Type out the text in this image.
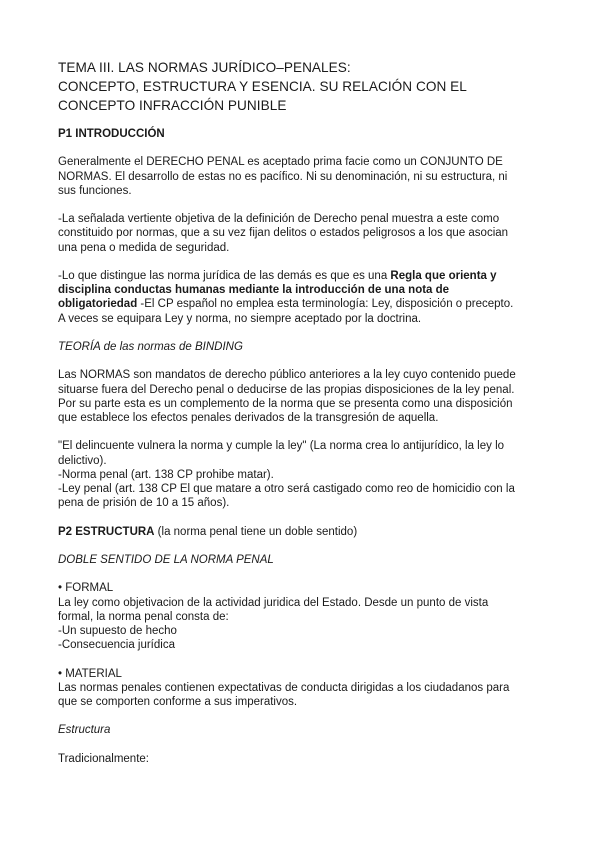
TEMA III. LAS NORMAS JURÍDICO–PENALES:
CONCEPTO, ESTRUCTURA Y ESENCIA. SU RELACIÓN CON EL
CONCEPTO INFRACCIÓN PUNIBLE
P1 INTRODUCCIÓN

Generalmente el DERECHO PENAL es aceptado prima facie como un CONJUNTO DE
NORMAS. El desarrollo de estas no es pacífico. Ni su denominación, ni su estructura, ni
sus funciones.

-La señalada vertiente objetiva de la definición de Derecho penal muestra a este como
constituido por normas, que a su vez fijan delitos o estados peligrosos a los que asocian
una pena o medida de seguridad.

-Lo que distingue las norma jurídica de las demás es que es una Regla que orienta y
disciplina conductas humanas mediante la introducción de una nota de
obligatoriedad -El CP español no emplea esta terminología: Ley, disposición o precepto.
A veces se equipara Ley y norma, no siempre aceptado por la doctrina.

TEORÍA de las normas de BINDING

Las NORMAS son mandatos de derecho público anteriores a la ley cuyo contenido puede
situarse fuera del Derecho penal o deducirse de las propias disposiciones de la ley penal.
Por su parte esta es un complemento de la norma que se presenta como una disposición
que establece los efectos penales derivados de la transgresión de aquella.

"El delincuente vulnera la norma y cumple la ley" (La norma crea lo antijurídico, la ley lo
delictivo).
-Norma penal (art. 138 CP prohibe matar).
-Ley penal (art. 138 CP El que matare a otro será castigado como reo de homicidio con la
pena de prisión de 10 a 15 años).

P2 ESTRUCTURA (la norma penal tiene un doble sentido)
DOBLE SENTIDO DE LA NORMA PENAL

• FORMAL
La ley como objetivacion de la actividad juridica del Estado. Desde un punto de vista
formal, la norma penal consta de:
-Un supuesto de hecho
-Consecuencia jurídica

• MATERIAL
Las normas penales contienen expectativas de conducta dirigidas a los ciudadanos para
que se comporten conforme a sus imperativos.

Estructura
Tradicionalmente:
